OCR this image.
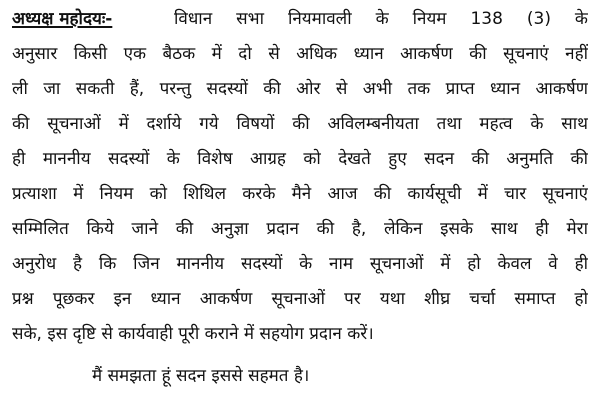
अध्यक्ष महोदयः-	विधान सभा नियमावली के नियम 138 (3) के
अनुसार किसी एक बैठक में दो से अधिक ध्यान आकर्षण की सूचनाएं नहीं
ली जा सकती हैं, परन्तु सदस्यों की ओर से अभी तक प्राप्त ध्यान आकर्षण
की सूचनाओं में दर्शाये गये विषयों की अविलम्बनीयता तथा महत्व के साथ
ही माननीय सदस्यों के विशेष आग्रह को देखते हुए सदन की अनुमति की
प्रत्याशा में नियम को शिथिल करके मैने आज की कार्यसूची में चार सूचनाएं
सम्मिलित किये जाने की अनुज्ञा प्रदान की है, लेकिन इसके साथ ही मेरा
अनुरोध है कि जिन माननीय सदस्यों के नाम सूचनाओं में हो केवल वे ही
प्रश्न पूछकर इन ध्यान आकर्षण सूचनाओं पर यथा शीघ्र चर्चा समाप्त हो
सके, इस दृष्टि से कार्यवाही पूरी कराने में सहयोग प्रदान करें।
मैं समझता हूं सदन इससे सहमत है।
